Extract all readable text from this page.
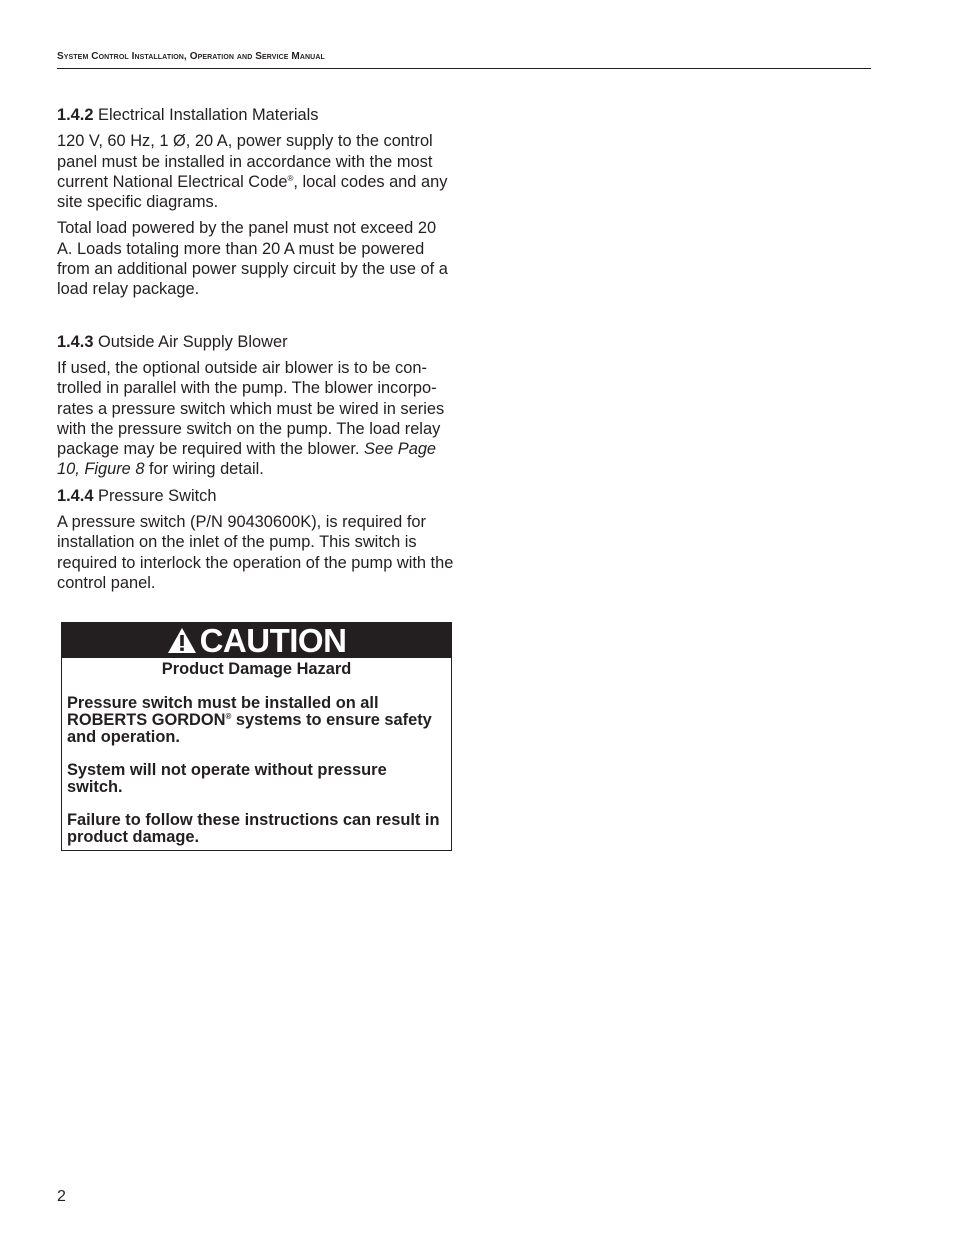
System Control Installation, Operation and Service Manual
1.4.2 Electrical Installation Materials

120 V, 60 Hz, 1 Ø, 20 A, power supply to the control panel must be installed in accordance with the most current National Electrical Code®, local codes and any site specific diagrams.

Total load powered by the panel must not exceed 20 A. Loads totaling more than 20 A must be powered from an additional power supply circuit by the use of a load relay package.

1.4.3 Outside Air Supply Blower

If used, the optional outside air blower is to be con-trolled in parallel with the pump. The blower incorpo-rates a pressure switch which must be wired in series with the pressure switch on the pump. The load relay package may be required with the blower. See Page 10, Figure 8 for wiring detail.

1.4.4 Pressure Switch

A pressure switch (P/N 90430600K), is required for installation on the inlet of the pump. This switch is required to interlock the operation of the pump with the control panel.

CAUTION
Product Damage Hazard

Pressure switch must be installed on all ROBERTS GORDON® systems to ensure safety and operation.

System will not operate without pressure switch.

Failure to follow these instructions can result in product damage.

2
